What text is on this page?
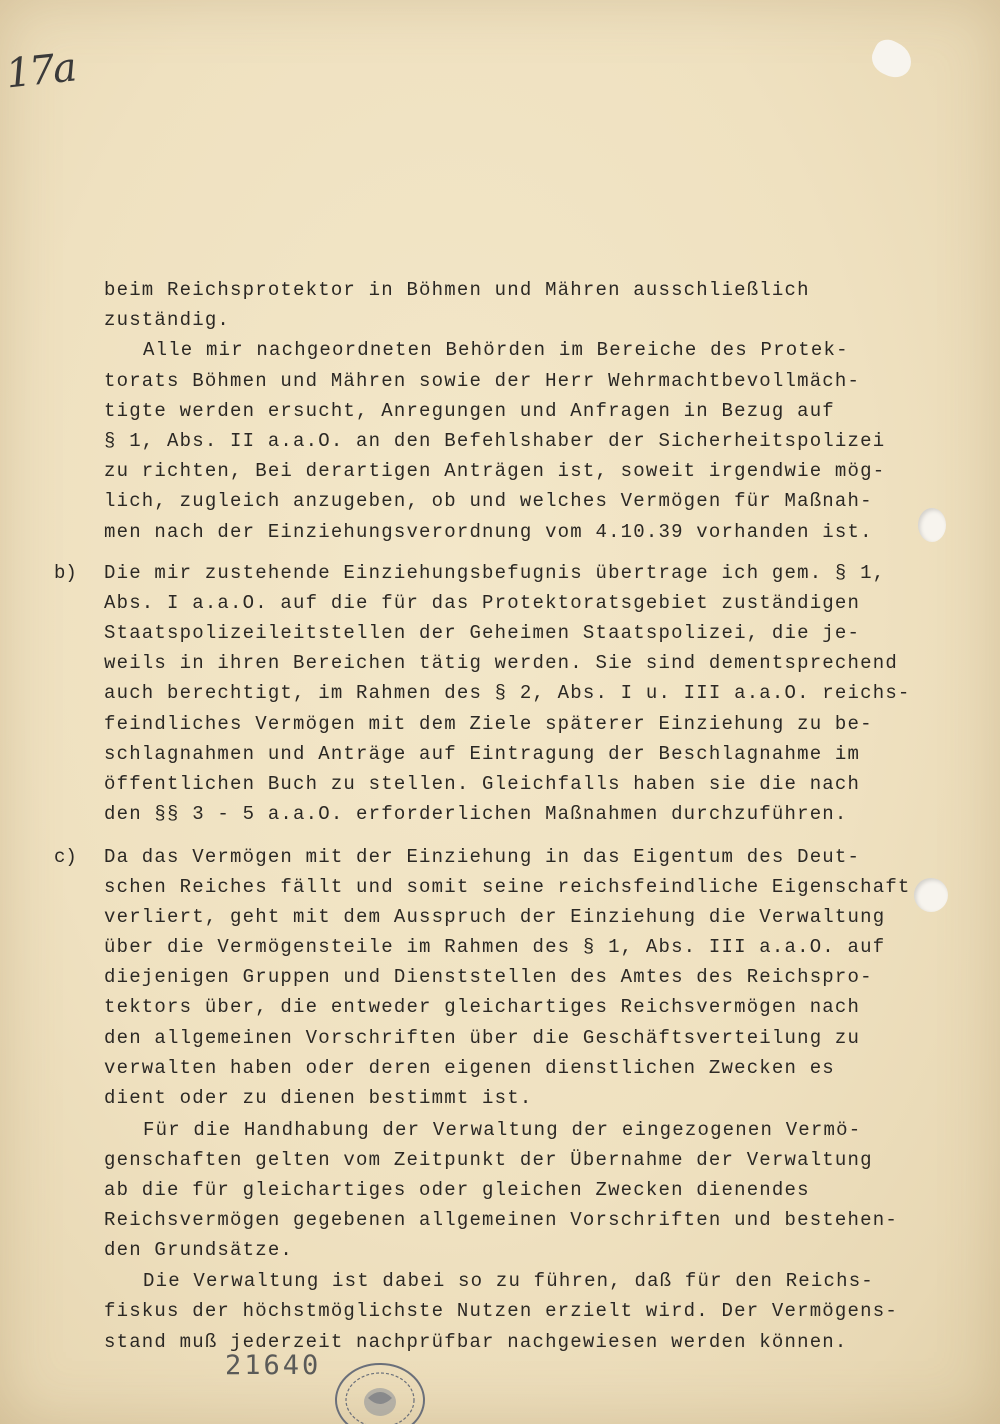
17a
beim Reichsprotektor in Böhmen und Mähren ausschließlich
zuständig.
Alle mir nachgeordneten Behörden im Bereiche des Protek-
torats Böhmen und Mähren sowie der Herr Wehrmachtbevollmäch-
tigte werden ersucht, Anregungen und Anfragen in Bezug auf
§ 1, Abs. II a.a.O. an den Befehlshaber der Sicherheitspolizei
zu richten, Bei derartigen Anträgen ist, soweit irgendwie mög-
lich, zugleich anzugeben, ob und welches Vermögen für Maßnah-
men nach der Einziehungsverordnung vom 4.10.39 vorhanden ist.
b) Die mir zustehende Einziehungsbefugnis übertrage ich gem. § 1,
Abs. I a.a.O. auf die für das Protektoratsgebiet zuständigen
Staatspolizeileitstellen der Geheimen Staatspolizei, die je-
weils in ihren Bereichen tätig werden. Sie sind dementsprechend
auch berechtigt, im Rahmen des § 2, Abs. I u. III a.a.O. reichs-
feindliches Vermögen mit dem Ziele späterer Einziehung zu be-
schlagnahmen und Anträge auf Eintragung der Beschlagnahme im
öffentlichen Buch zu stellen. Gleichfalls haben sie die nach
den §§ 3 - 5 a.a.O. erforderlichen Maßnahmen durchzuführen.
c) Da das Vermögen mit der Einziehung in das Eigentum des Deut-
schen Reiches fällt und somit seine reichsfeindliche Eigenschaft
verliert, geht mit dem Ausspruch der Einziehung die Verwaltung
über die Vermögensteile im Rahmen des § 1, Abs. III a.a.O. auf
diejenigen Gruppen und Dienststellen des Amtes des Reichspro-
tektors über, die entweder gleichartiges Reichsvermögen nach
den allgemeinen Vorschriften über die Geschäftsverteilung zu
verwalten haben oder deren eigenen dienstlichen Zwecken es
dient oder zu dienen bestimmt ist.
Für die Handhabung der Verwaltung der eingezogenen Vermö-
genschaften gelten vom Zeitpunkt der Übernahme der Verwaltung
ab die für gleichartiges oder gleichen Zwecken dienendes
Reichsvermögen gegebenen allgemeinen Vorschriften und bestehen-
den Grundsätze.
Die Verwaltung ist dabei so zu führen, daß für den Reichs-
fiskus der höchstmöglichste Nutzen erzielt wird. Der Vermögens-
stand muß jederzeit nachprüfbar nachgewiesen werden können.
21640
